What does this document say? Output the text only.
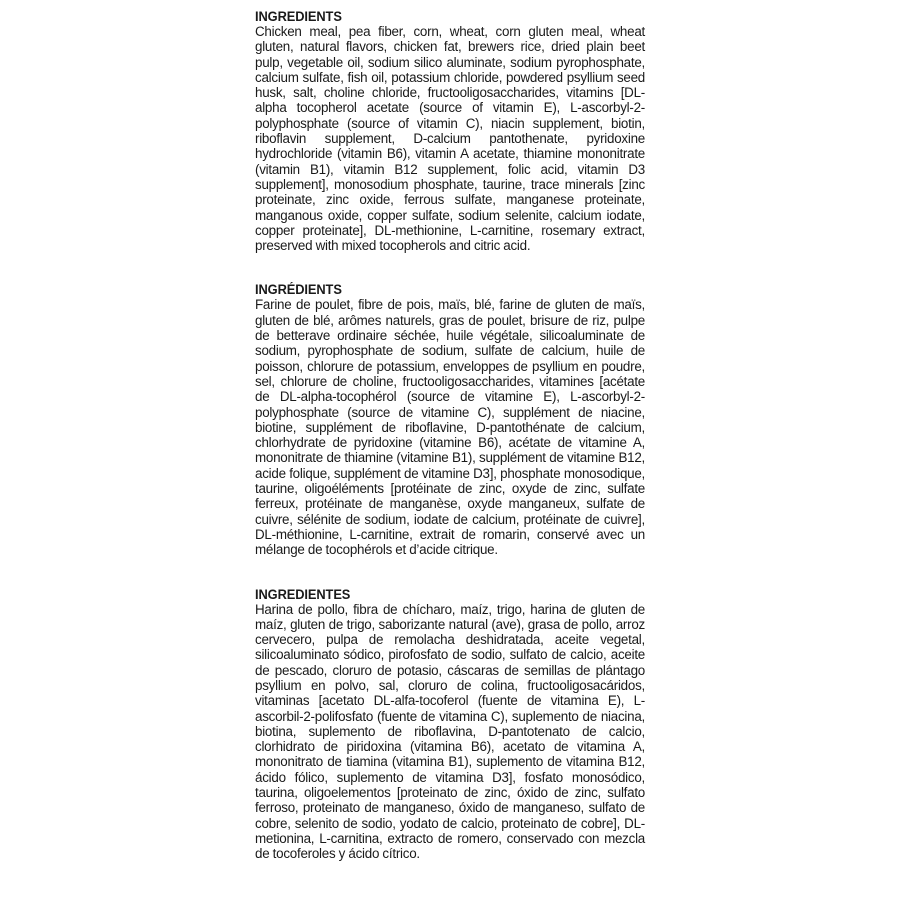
INGREDIENTS

Chicken meal, pea fiber, corn, wheat, corn gluten meal, wheat gluten, natural flavors, chicken fat, brewers rice, dried plain beet pulp, vegetable oil, sodium silico aluminate, sodium pyrophosphate, calcium sulfate, fish oil, potassium chloride, powdered psyllium seed husk, salt, choline chloride, fructooligosaccharides, vitamins [DL-alpha tocopherol acetate (source of vitamin E), L-ascorbyl-2-polyphosphate (source of vitamin C), niacin supplement, biotin, riboflavin supplement, D-calcium pantothenate, pyridoxine hydrochloride (vitamin B6), vitamin A acetate, thiamine mononitrate (vitamin B1), vitamin B12 supplement, folic acid, vitamin D3 supplement], monosodium phosphate, taurine, trace minerals [zinc proteinate, zinc oxide, ferrous sulfate, manganese proteinate, manganous oxide, copper sulfate, sodium selenite, calcium iodate, copper proteinate], DL-methionine, L-carnitine, rosemary extract, preserved with mixed tocopherols and citric acid.

INGRÉDIENTS

Farine de poulet, fibre de pois, maïs, blé, farine de gluten de maïs, gluten de blé, arômes naturels, gras de poulet, brisure de riz, pulpe de betterave ordinaire séchée, huile végétale, silicoaluminate de sodium, pyrophosphate de sodium, sulfate de calcium, huile de poisson, chlorure de potassium, enveloppes de psyllium en poudre, sel, chlorure de choline, fructooligosaccharides, vitamines [acétate de DL-alpha-tocophérol (source de vitamine E), L-ascorbyl-2-polyphosphate (source de vitamine C), supplément de niacine, biotine, supplément de riboflavine, D-pantothénate de calcium, chlorhydrate de pyridoxine (vitamine B6), acétate de vitamine A, mononitrate de thiamine (vitamine B1), supplément de vitamine B12, acide folique, supplément de vitamine D3], phosphate monosodique, taurine, oligoéléments [protéinate de zinc, oxyde de zinc, sulfate ferreux, protéinate de manganèse, oxyde manganeux, sulfate de cuivre, sélénite de sodium, iodate de calcium, protéinate de cuivre], DL-méthionine, L-carnitine, extrait de romarin, conservé avec un mélange de tocophérols et d’acide citrique.

INGREDIENTES

Harina de pollo, fibra de chícharo, maíz, trigo, harina de gluten de maíz, gluten de trigo, saborizante natural (ave), grasa de pollo, arroz cervecero, pulpa de remolacha deshidratada, aceite vegetal, silicoaluminato sódico, pirofosfato de sodio, sulfato de calcio, aceite de pescado, cloruro de potasio, cáscaras de semillas de plántago psyllium en polvo, sal, cloruro de colina, fructooligosacáridos, vitaminas [acetato DL-alfa-tocoferol (fuente de vitamina E), L-ascorbil-2-polifosfato (fuente de vitamina C), suplemento de niacina, biotina, suplemento de riboflavina, D-pantotenato de calcio, clorhidrato de piridoxina (vitamina B6), acetato de vitamina A, mononitrato de tiamina (vitamina B1), suplemento de vitamina B12, ácido fólico, suplemento de vitamina D3], fosfato monosódico, taurina, oligoelementos [proteinato de zinc, óxido de zinc, sulfato ferroso, proteinato de manganeso, óxido de manganeso, sulfato de cobre, selenito de sodio, yodato de calcio, proteinato de cobre], DL-metionina, L-carnitina, extracto de romero, conservado con mezcla de tocoferoles y ácido cítrico.
